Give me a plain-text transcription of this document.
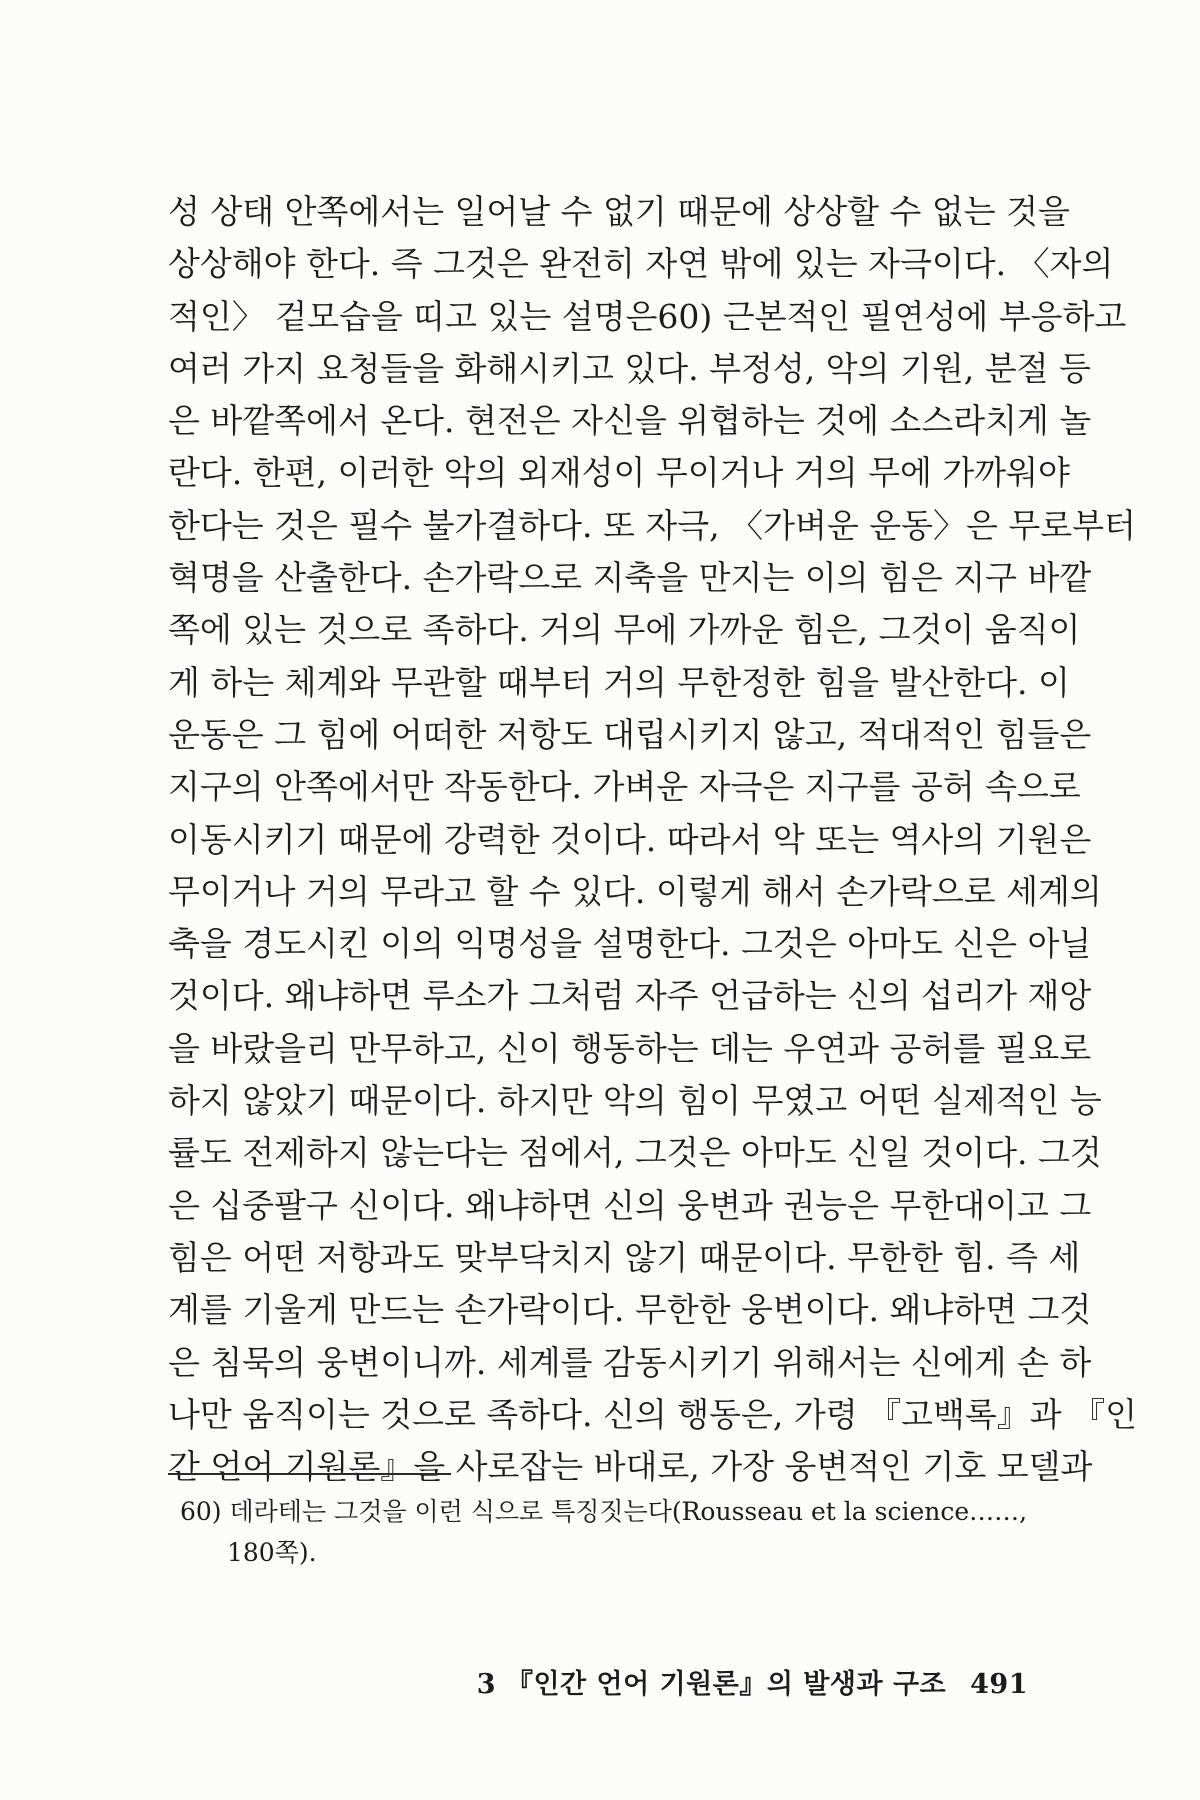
성 상태 안쪽에서는 일어날 수 없기 때문에 상상할 수 없는 것을
상상해야 한다. 즉 그것은 완전히 자연 밖에 있는 자극이다. 〈자의
적인〉 겉모습을 띠고 있는 설명은60) 근본적인 필연성에 부응하고
여러 가지 요청들을 화해시키고 있다. 부정성, 악의 기원, 분절 등
은 바깥쪽에서 온다. 현전은 자신을 위협하는 것에 소스라치게 놀
란다. 한편, 이러한 악의 외재성이 무이거나 거의 무에 가까워야
한다는 것은 필수 불가결하다. 또 자극, 〈가벼운 운동〉은 무로부터
혁명을 산출한다. 손가락으로 지축을 만지는 이의 힘은 지구 바깥
쪽에 있는 것으로 족하다. 거의 무에 가까운 힘은, 그것이 움직이
게 하는 체계와 무관할 때부터 거의 무한정한 힘을 발산한다. 이
운동은 그 힘에 어떠한 저항도 대립시키지 않고, 적대적인 힘들은
지구의 안쪽에서만 작동한다. 가벼운 자극은 지구를 공허 속으로
이동시키기 때문에 강력한 것이다. 따라서 악 또는 역사의 기원은
무이거나 거의 무라고 할 수 있다. 이렇게 해서 손가락으로 세계의
축을 경도시킨 이의 익명성을 설명한다. 그것은 아마도 신은 아닐
것이다. 왜냐하면 루소가 그처럼 자주 언급하는 신의 섭리가 재앙
을 바랐을리 만무하고, 신이 행동하는 데는 우연과 공허를 필요로
하지 않았기 때문이다. 하지만 악의 힘이 무였고 어떤 실제적인 능
률도 전제하지 않는다는 점에서, 그것은 아마도 신일 것이다. 그것
은 십중팔구 신이다. 왜냐하면 신의 웅변과 권능은 무한대이고 그
힘은 어떤 저항과도 맞부닥치지 않기 때문이다. 무한한 힘. 즉 세
계를 기울게 만드는 손가락이다. 무한한 웅변이다. 왜냐하면 그것
은 침묵의 웅변이니까. 세계를 감동시키기 위해서는 신에게 손 하
나만 움직이는 것으로 족하다. 신의 행동은, 가령 『고백록』과 『인
간 언어 기원론』을 사로잡는 바대로, 가장 웅변적인 기호 모델과
60) 데라테는 그것을 이런 식으로 특징짓는다(Rousseau et la science……,
180쪽).
3 『인간 언어 기원론』의 발생과 구조 491
